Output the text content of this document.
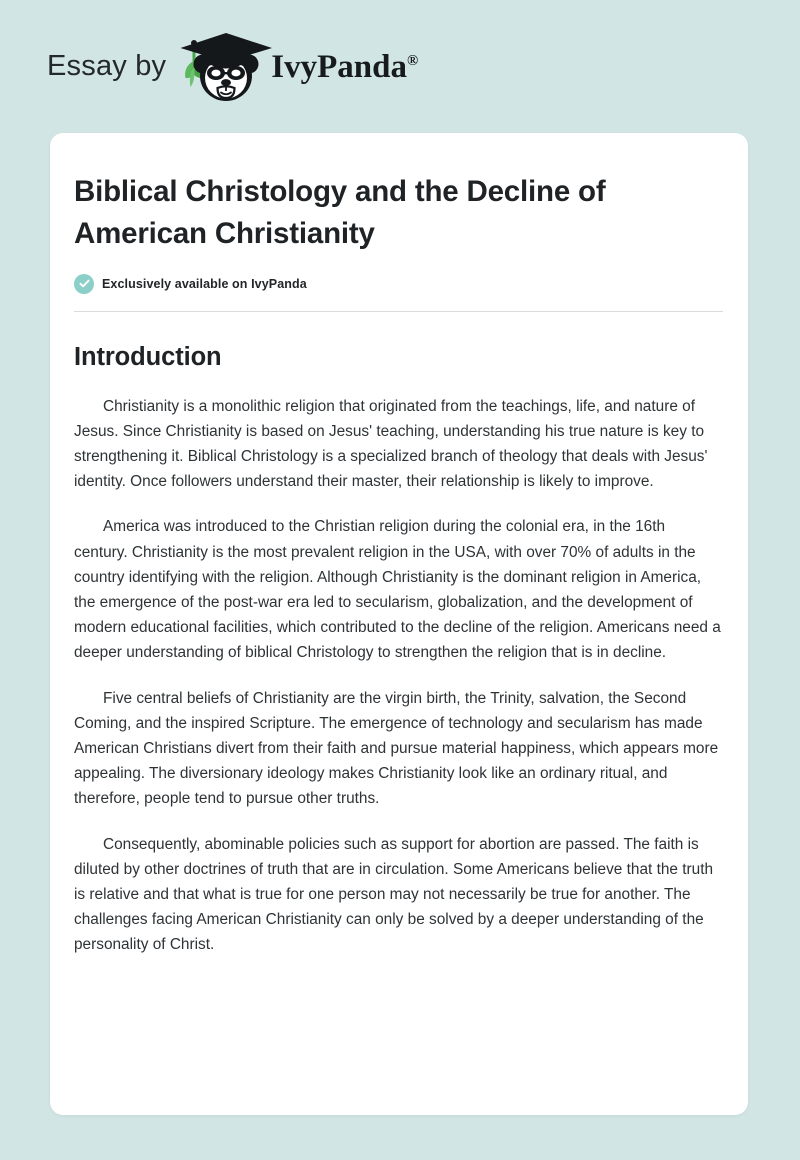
Essay by	IvyPanda®
Biblical Christology and the Decline of American Christianity
Exclusively available on IvyPanda
Introduction

Christianity is a monolithic religion that originated from the teachings, life, and nature of Jesus. Since Christianity is based on Jesus' teaching, understanding his true nature is key to strengthening it. Biblical Christology is a specialized branch of theology that deals with Jesus' identity. Once followers understand their master, their relationship is likely to improve.

America was introduced to the Christian religion during the colonial era, in the 16th century. Christianity is the most prevalent religion in the USA, with over 70% of adults in the country identifying with the religion. Although Christianity is the dominant religion in America, the emergence of the post-war era led to secularism, globalization, and the development of modern educational facilities, which contributed to the decline of the religion. Americans need a deeper understanding of biblical Christology to strengthen the religion that is in decline.

Five central beliefs of Christianity are the virgin birth, the Trinity, salvation, the Second Coming, and the inspired Scripture. The emergence of technology and secularism has made American Christians divert from their faith and pursue material happiness, which appears more appealing. The diversionary ideology makes Christianity look like an ordinary ritual, and therefore, people tend to pursue other truths.

Consequently, abominable policies such as support for abortion are passed. The faith is diluted by other doctrines of truth that are in circulation. Some Americans believe that the truth is relative and that what is true for one person may not necessarily be true for another. The challenges facing American Christianity can only be solved by a deeper understanding of the personality of Christ.
